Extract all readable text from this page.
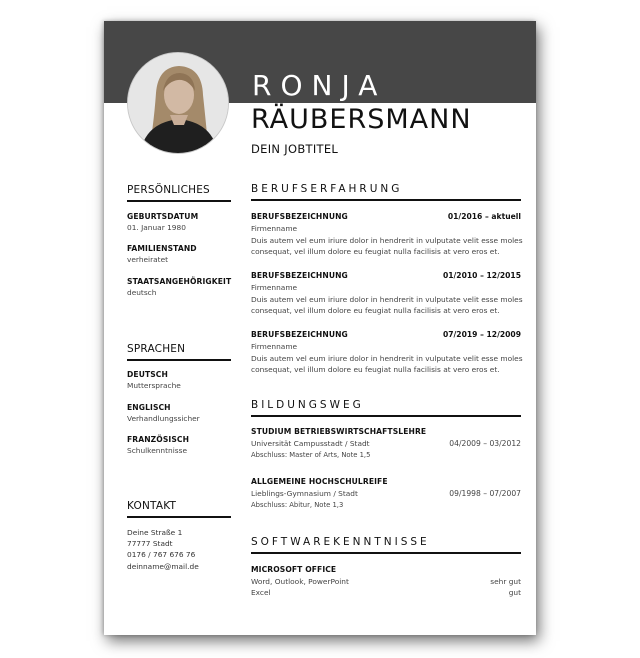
RONJA
RÄUBERSMANN
DEIN JOBTITEL
PERSÖNLICHES
GEBURTSDATUM
01. Januar 1980
FAMILIENSTAND
verheiratet
STAATSANGEHÖRIGKEIT
deutsch
SPRACHEN
DEUTSCH
Muttersprache
ENGLISCH
Verhandlungssicher
FRANZÖSISCH
Schulkenntnisse
KONTAKT
Deine Straße 1
77777 Stadt
0176 / 767 676 76
deinname@mail.de
BERUFSERFAHRUNG
BERUFSBEZEICHNUNG	01/2016 – aktuell
Firmenname
Duis autem vel eum iriure dolor in hendrerit in vulputate velit esse moles consequat, vel illum dolore eu feugiat nulla facilisis at vero eros et.
BERUFSBEZEICHNUNG	01/2010 – 12/2015
Firmenname
Duis autem vel eum iriure dolor in hendrerit in vulputate velit esse moles consequat, vel illum dolore eu feugiat nulla facilisis at vero eros et.
BERUFSBEZEICHNUNG	07/2019 – 12/2009
Firmenname
Duis autem vel eum iriure dolor in hendrerit in vulputate velit esse moles consequat, vel illum dolore eu feugiat nulla facilisis at vero eros et.
BILDUNGSWEG
STUDIUM BETRIEBSWIRTSCHAFTSLEHRE
Universität Campusstadt / Stadt	04/2009 – 03/2012
Abschluss: Master of Arts, Note 1,5
ALLGEMEINE HOCHSCHULREIFE
Lieblings-Gymnasium / Stadt	09/1998 – 07/2007
Abschluss: Abitur, Note 1,3
SOFTWAREKENNTNISSE
MICROSOFT OFFICE
Word, Outlook, PowerPoint	sehr gut
Excel	gut
